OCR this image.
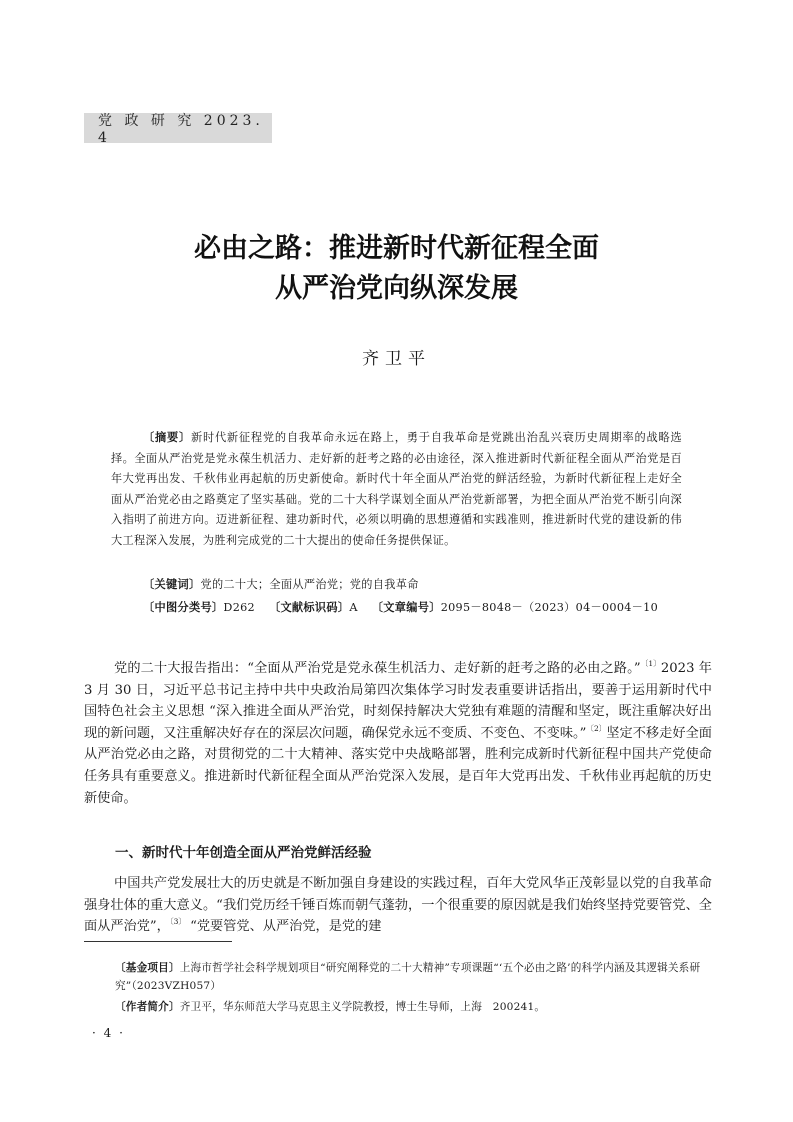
党 政 研 究 2023. 4
必由之路：推进新时代新征程全面
从严治党向纵深发展
齐卫平
〔摘要〕新时代新征程党的自我革命永远在路上，勇于自我革命是党跳出治乱兴衰历史周期率的战略选择。全面从严治党是党永葆生机活力、走好新的赶考之路的必由途径，深入推进新时代新征程全面从严治党是百年大党再出发、千秋伟业再起航的历史新使命。新时代十年全面从严治党的鲜活经验，为新时代新征程上走好全面从严治党必由之路奠定了坚实基础。党的二十大科学谋划全面从严治党新部署，为把全面从严治党不断引向深入指明了前进方向。迈进新征程、建功新时代，必须以明确的思想遵循和实践准则，推进新时代党的建设新的伟大工程深入发展，为胜利完成党的二十大提出的使命任务提供保证。
〔关键词〕党的二十大；全面从严治党；党的自我革命
〔中图分类号〕D262 〔文献标识码〕A 〔文章编号〕2095－8048－（2023）04－0004－10
党的二十大报告指出：“全面从严治党是党永葆生机活力、走好新的赶考之路的必由之路。”$^{〔1〕}$2023 年 3 月 30 日，习近平总书记主持中共中央政治局第四次集体学习时发表重要讲话指出，要善于运用新时代中国特色社会主义思想 “深入推进全面从严治党，时刻保持解决大党独有难题的清醒和坚定，既注重解决好出现的新问题，又注重解决好存在的深层次问题，确保党永远不变质、不变色、不变味。”$^{〔2〕}$坚定不移走好全面从严治党必由之路，对贯彻党的二十大精神、落实党中央战略部署，胜利完成新时代新征程中国共产党使命任务具有重要意义。推进新时代新征程全面从严治党深入发展，是百年大党再出发、千秋伟业再起航的历史新使命。
一、新时代十年创造全面从严治党鲜活经验
中国共产党发展壮大的历史就是不断加强自身建设的实践过程，百年大党风华正茂彰显以党的自我革命强身壮体的重大意义。“我们党历经千锤百炼而朝气蓬勃，一个很重要的原因就是我们始终坚持党要管党、全面从严治党”，$^{〔3〕}$ “党要管党、从严治党，是党的建
〔基金项目〕上海市哲学社会科学规划项目“研究阐释党的二十大精神”专项课题“‘五个必由之路’的科学内涵及其逻辑关系研究”（2023VZH057）
〔作者简介〕齐卫平，华东师范大学马克思主义学院教授，博士生导师，上海　200241。
· 4 ·
